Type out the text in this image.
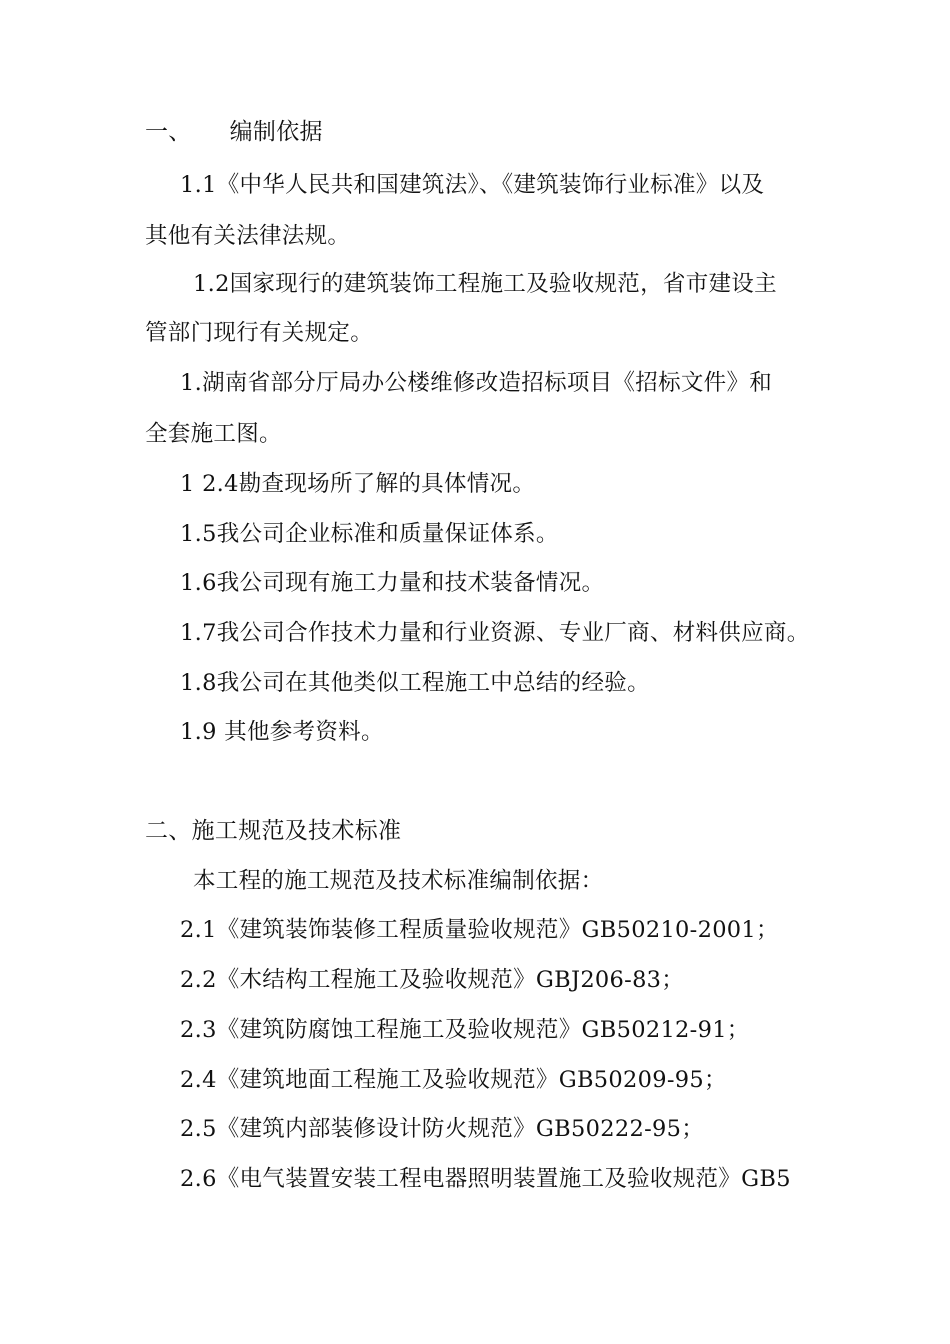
一、 编制依据
1.1《中华人民共和国建筑法》、《建筑装饰行业标准》以及
其他有关法律法规。
1.2国家现行的建筑装饰工程施工及验收规范，省市建设主
管部门现行有关规定。
1.湖南省部分厅局办公楼维修改造招标项目《招标文件》和
全套施工图。
1 2.4勘查现场所了解的具体情况。
1.5我公司企业标准和质量保证体系。
1.6我公司现有施工力量和技术装备情况。
1.7我公司合作技术力量和行业资源、专业厂商、材料供应商。
1.8我公司在其他类似工程施工中总结的经验。
1.9 其他参考资料。
二、施工规范及技术标准
本工程的施工规范及技术标准编制依据：
2.1《建筑装饰装修工程质量验收规范》GB50210-2001；
2.2《木结构工程施工及验收规范》GBJ206-83；
2.3《建筑防腐蚀工程施工及验收规范》GB50212-91；
2.4《建筑地面工程施工及验收规范》GB50209-95；
2.5《建筑内部装修设计防火规范》GB50222-95；
2.6《电气装置安装工程电器照明装置施工及验收规范》GB5
